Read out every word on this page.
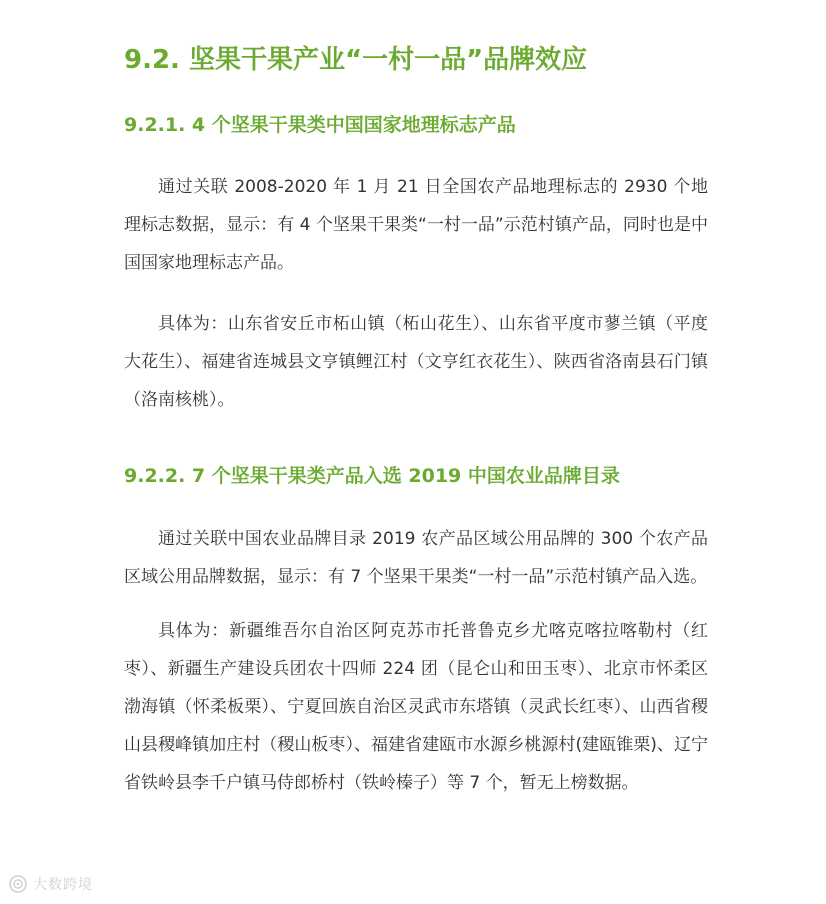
9.2. 坚果干果产业“一村一品”品牌效应
9.2.1. 4 个坚果干果类中国国家地理标志产品

通过关联 2008-2020 年 1 月 21 日全国农产品地理标志的 2930 个地理标志数据，显示：有 4 个坚果干果类“一村一品”示范村镇产品，同时也是中国国家地理标志产品。

具体为：山东省安丘市柘山镇（柘山花生）、山东省平度市蓼兰镇（平度大花生）、福建省连城县文亨镇鲤江村（文亨红衣花生）、陕西省洛南县石门镇（洛南核桃）。

9.2.2. 7 个坚果干果类产品入选 2019 中国农业品牌目录

通过关联中国农业品牌目录 2019 农产品区域公用品牌的 300 个农产品区域公用品牌数据，显示：有 7 个坚果干果类“一村一品”示范村镇产品入选。

具体为：新疆维吾尔自治区阿克苏市托普鲁克乡尤喀克喀拉喀勒村（红枣）、新疆生产建设兵团农十四师 224 团（昆仑山和田玉枣）、北京市怀柔区渤海镇（怀柔板栗）、宁夏回族自治区灵武市东塔镇（灵武长红枣）、山西省稷山县稷峰镇加庄村（稷山板枣）、福建省建瓯市水源乡桃源村(建瓯锥栗)、辽宁省铁岭县李千户镇马侍郎桥村（铁岭榛子）等 7 个，暂无上榜数据。

大数跨境
